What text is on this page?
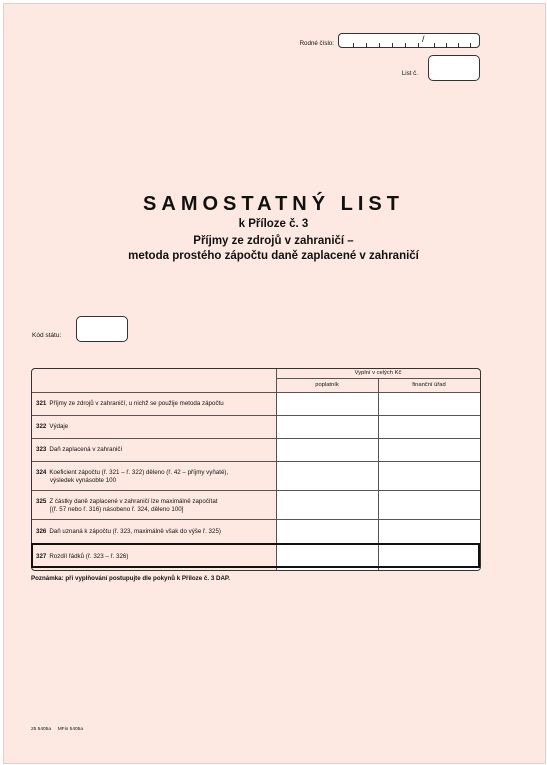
Rodné číslo:	/
List č.
SAMOSTATNÝ LIST
k Příloze č. 3
Příjmy ze zdrojů v zahraničí –
metoda prostého zápočtu daně zaplacené v zahraničí
Kód státu:
Vyplní v celých Kč
poplatník	finanční úřad
321 Příjmy ze zdrojů v zahraničí, u nichž se použije metoda zápočtu
322 Výdaje
323 Daň zaplacená v zahraničí
324 Koeficient zápočtu (ř. 321 – ř. 322) děleno (ř. 42 – příjmy vyňaté),
výsledek vynásobte 100
325 Z částky daně zaplacené v zahraničí lze maximálně započítat
[(ř. 57 nebo ř. 316) násobeno ř. 324, děleno 100]
326 Daň uznaná k zápočtu (ř. 323, maximálně však do výše ř. 325)
327 Rozdíl řádků (ř. 323 – ř. 326)
Poznámka: při vyplňování postupujte dle pokynů k Příloze č. 3 DAP.
25 5405a MFin 5405a
